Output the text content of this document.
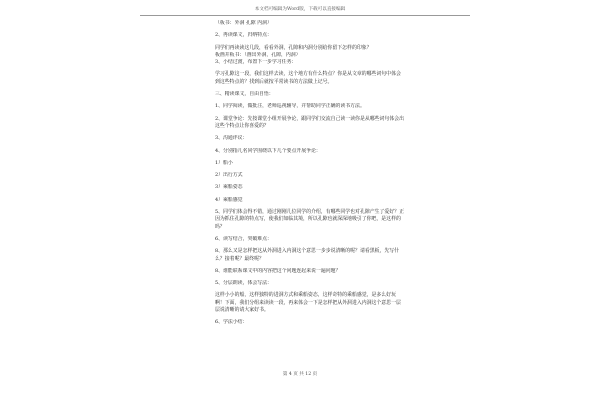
本文档可编辑为Word版，下载可以直接编辑

（板书：外洞 孔隙 内洞）

2、再读课文，归纳特点：

同学们再读读这几段，看看外洞，孔隙和内洞分别给你留下怎样的印象？

板画并板书：（画出外洞，孔隙，内洞）

3、小结过渡，布置下一步学习任务：

学习孔隙这一段，我们这样去读，这个地方有什么特点？你是从文章的哪些词句中体会到这些特点的？找到后就按平常读书的方法做上记号。

三、精读课文，自由自悟：

1、同学阅读，做批注，老师巡视辅导，并帮助同学正确的读书方法。

2、课堂争论：先按课堂小组开展争论，跟同学们交流自己读一读你是从哪些词句体会出这些个特点让你喜爱的？

3、沟通评议：

4、分别指几名同学围绕以下几个要点开展争论：

1）船小

2）出行方式

3）乘船姿态

4）乘船感觉

5、同学们体会得不错，通过刚刚几位同学的介绍，有哪些同学也对孔隙产生了爱好？正因为抓住孔隙的特点写，使我们如临其境，所以孔隙也就深深地吸引了你吧，是这样的吗？

6、读写结合，突破难点：

8、那么又是怎样把这从外洞进入内洞这个意思一步步说清晰的呢？请看黑板，先写什么？接着呢？最终呢？

8、谁能联系课文中的内容把这个问题连起来说一遍问题？

5、分层朗读，体会写法：

这样小小的船，这样独特的进洞方式和乘船姿态，这样奇特的乘船感觉，是多么好玩啊！下面，我们分组来读读一段，再来体会一下是怎样把从外洞进入内洞这个意思一层层说清晰的请大家好书。

6、学法小结：

第 4 页 共 12 页
